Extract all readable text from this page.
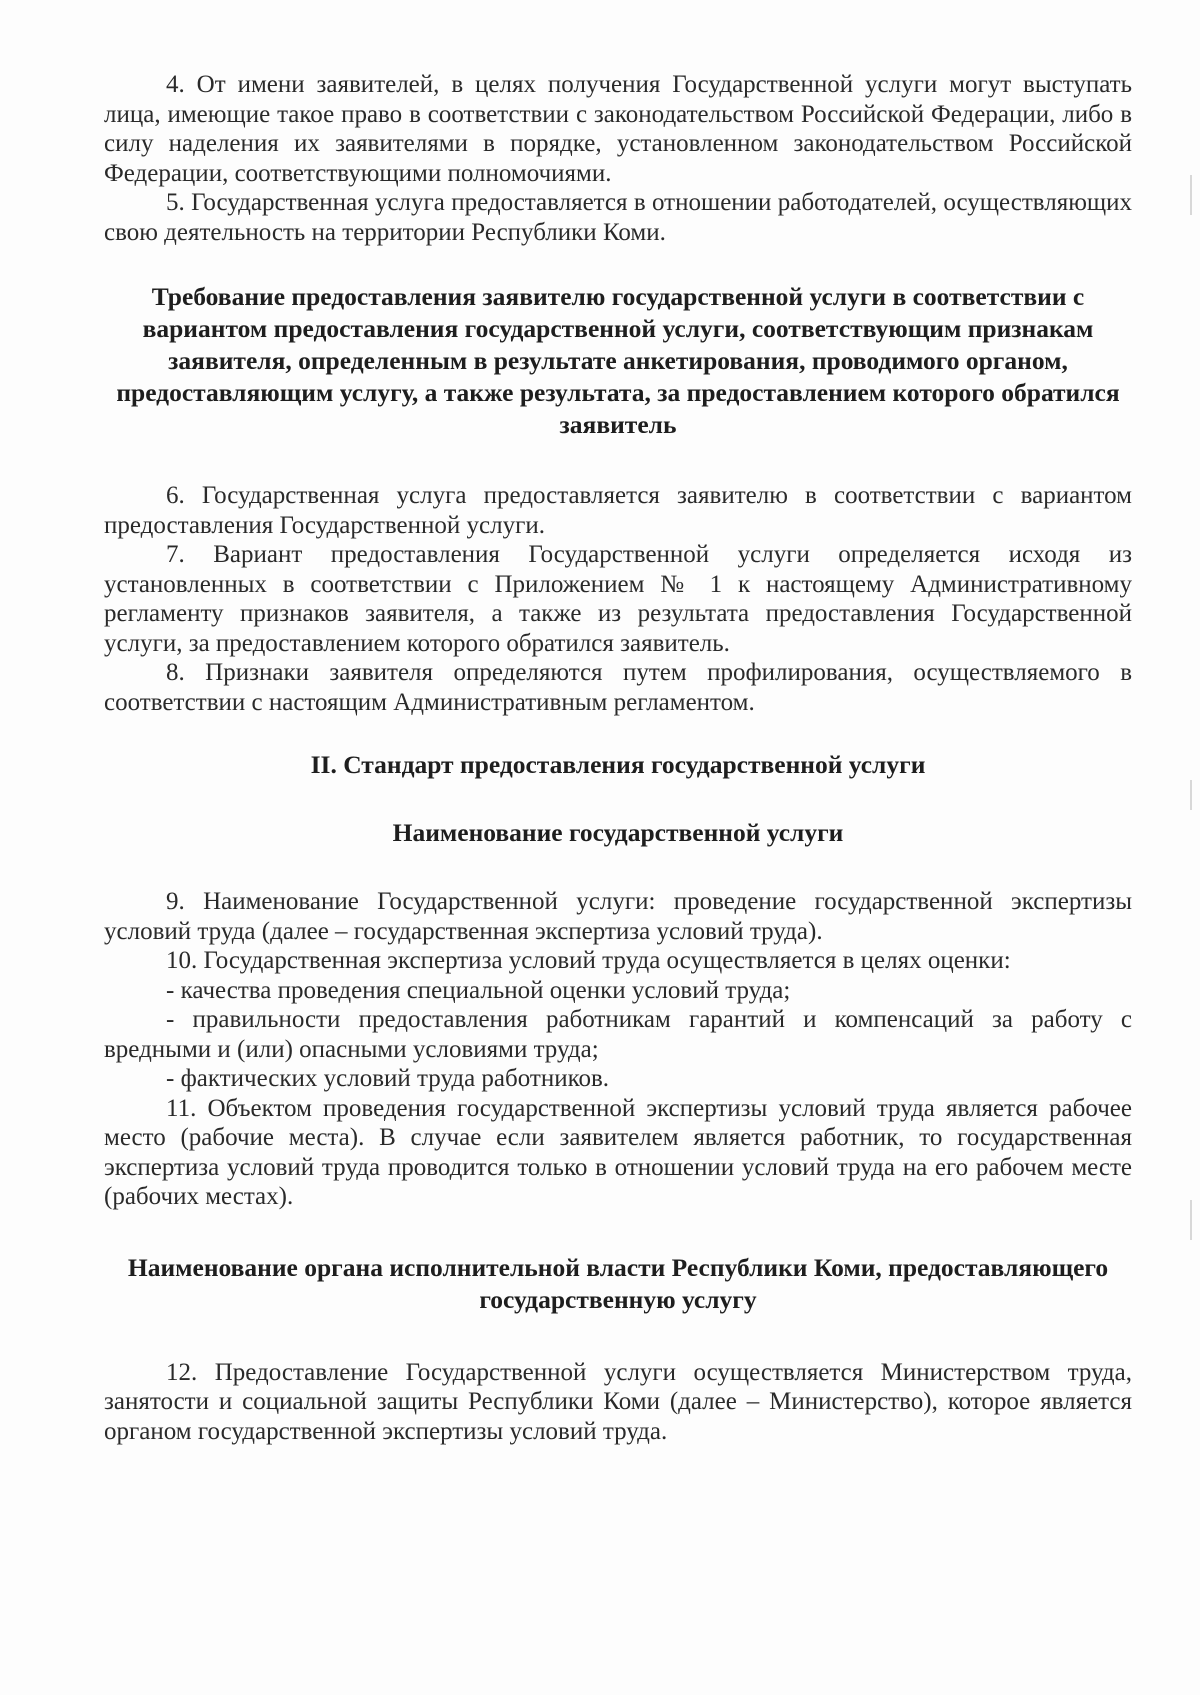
4. От имени заявителей, в целях получения Государственной услуги могут выступать лица, имеющие такое право в соответствии с законодательством Российской Федерации, либо в силу наделения их заявителями в порядке, установленном законодательством Российской Федерации, соответствующими полномочиями.

5. Государственная услуга предоставляется в отношении работодателей, осуществляющих свою деятельность на территории Республики Коми.

Требование предоставления заявителю государственной услуги в соответствии с вариантом предоставления государственной услуги, соответствующим признакам заявителя, определенным в результате анкетирования, проводимого органом, предоставляющим услугу, а также результата, за предоставлением которого обратился заявитель

6. Государственная услуга предоставляется заявителю в соответствии с вариантом предоставления Государственной услуги.

7. Вариант предоставления Государственной услуги определяется исходя из установленных в соответствии с Приложением № 1 к настоящему Административному регламенту признаков заявителя, а также из результата предоставления Государственной услуги, за предоставлением которого обратился заявитель.

8. Признаки заявителя определяются путем профилирования, осуществляемого в соответствии с настоящим Административным регламентом.

II. Стандарт предоставления государственной услуги

Наименование государственной услуги

9. Наименование Государственной услуги: проведение государственной экспертизы условий труда (далее – государственная экспертиза условий труда).

10. Государственная экспертиза условий труда осуществляется в целях оценки:

- качества проведения специальной оценки условий труда;

- правильности предоставления работникам гарантий и компенсаций за работу с вредными и (или) опасными условиями труда;

- фактических условий труда работников.

11. Объектом проведения государственной экспертизы условий труда является рабочее место (рабочие места). В случае если заявителем является работник, то государственная экспертиза условий труда проводится только в отношении условий труда на его рабочем месте (рабочих местах).

Наименование органа исполнительной власти Республики Коми, предоставляющего государственную услугу

12. Предоставление Государственной услуги осуществляется Министерством труда, занятости и социальной защиты Республики Коми (далее – Министерство), которое является органом государственной экспертизы условий труда.
